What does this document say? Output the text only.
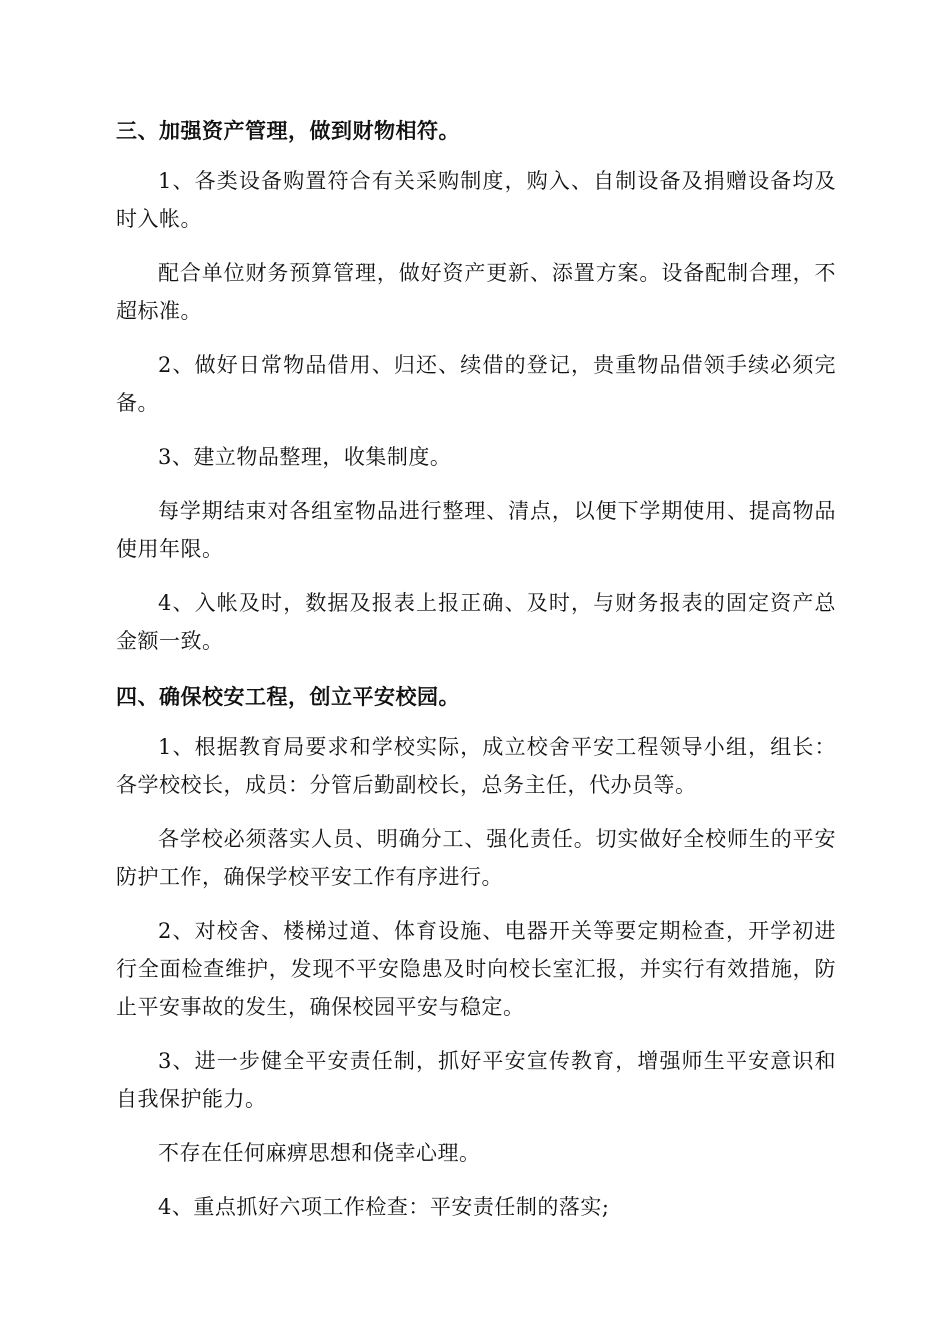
三、加强资产管理，做到财物相符。

1、各类设备购置符合有关采购制度，购入、自制设备及捐赠设备均及时入帐。

配合单位财务预算管理，做好资产更新、添置方案。设备配制合理，不超标准。

2、做好日常物品借用、归还、续借的登记，贵重物品借领手续必须完备。

3、建立物品整理，收集制度。

每学期结束对各组室物品进行整理、清点，以便下学期使用、提高物品使用年限。

4、入帐及时，数据及报表上报正确、及时，与财务报表的固定资产总金额一致。

四、确保校安工程，创立平安校园。

1、根据教育局要求和学校实际，成立校舍平安工程领导小组，组长：各学校校长，成员：分管后勤副校长，总务主任，代办员等。

各学校必须落实人员、明确分工、强化责任。切实做好全校师生的平安防护工作，确保学校平安工作有序进行。

2、对校舍、楼梯过道、体育设施、电器开关等要定期检查，开学初进行全面检查维护，发现不平安隐患及时向校长室汇报，并实行有效措施，防止平安事故的发生，确保校园平安与稳定。

3、进一步健全平安责任制，抓好平安宣传教育，增强师生平安意识和自我保护能力。

不存在任何麻痹思想和侥幸心理。

4、重点抓好六项工作检查：平安责任制的落实;
